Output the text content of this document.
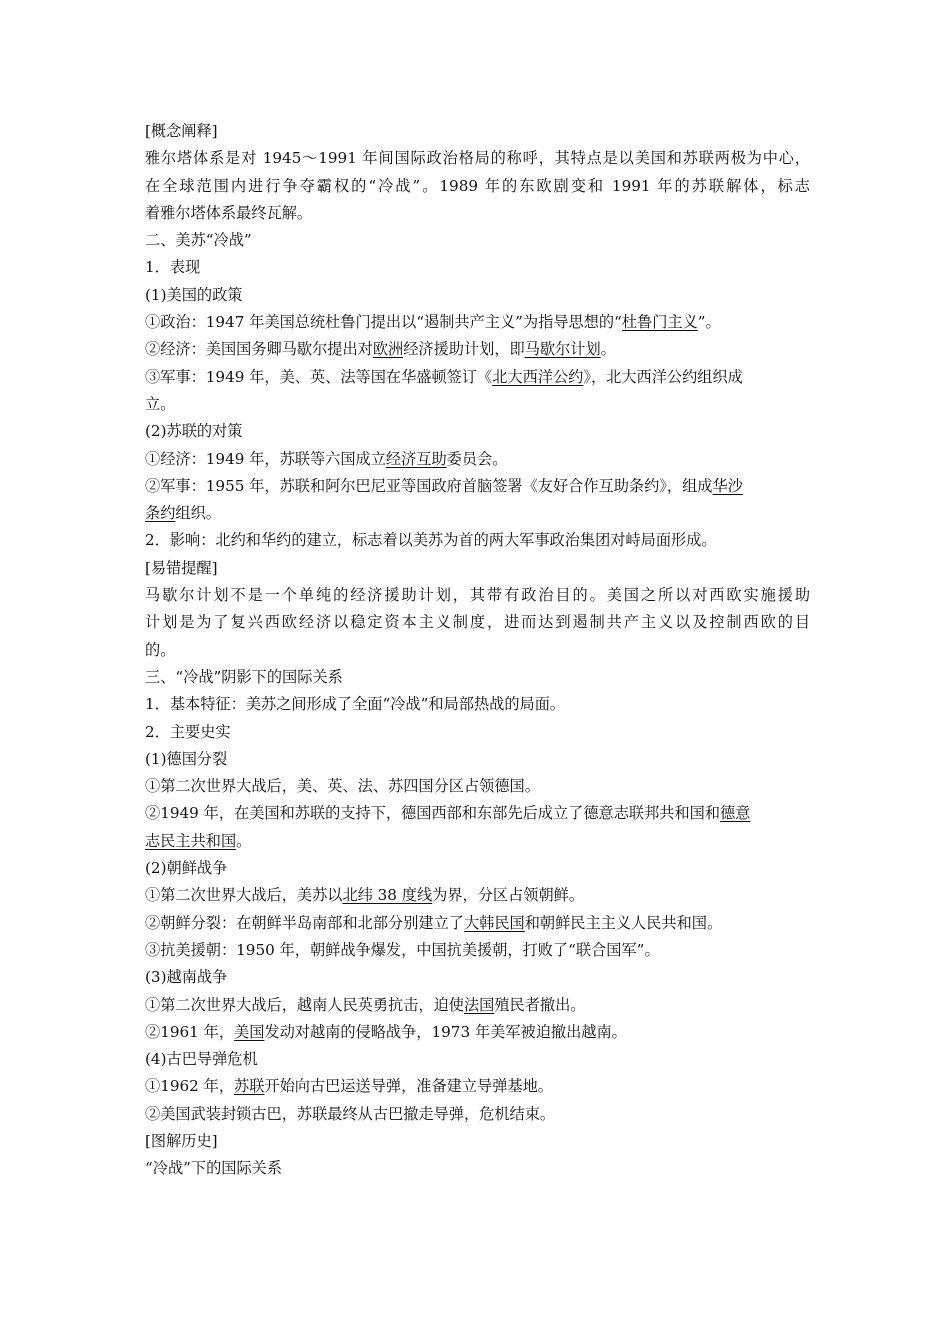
[概念阐释]
雅尔塔体系是对 1945～1991 年间国际政治格局的称呼，其特点是以美国和苏联两极为中心，
在全球范围内进行争夺霸权的“冷战”。1989 年的东欧剧变和 1991 年的苏联解体，标志
着雅尔塔体系最终瓦解。
二、美苏“冷战”
1．表现
(1)美国的政策
①政治：1947 年美国总统杜鲁门提出以“遏制共产主义”为指导思想的“杜鲁门主义”。
②经济：美国国务卿马歇尔提出对欧洲经济援助计划，即马歇尔计划。
③军事：1949 年，美、英、法等国在华盛顿签订《北大西洋公约》，北大西洋公约组织成
立。
(2)苏联的对策
①经济：1949 年，苏联等六国成立经济互助委员会。
②军事：1955 年，苏联和阿尔巴尼亚等国政府首脑签署《友好合作互助条约》，组成华沙
条约组织。
2．影响：北约和华约的建立，标志着以美苏为首的两大军事政治集团对峙局面形成。
[易错提醒]
马歇尔计划不是一个单纯的经济援助计划，其带有政治目的。美国之所以对西欧实施援助
计划是为了复兴西欧经济以稳定资本主义制度，进而达到遏制共产主义以及控制西欧的目
的。
三、“冷战”阴影下的国际关系
1．基本特征：美苏之间形成了全面“冷战”和局部热战的局面。
2．主要史实
(1)德国分裂
①第二次世界大战后，美、英、法、苏四国分区占领德国。
②1949 年，在美国和苏联的支持下，德国西部和东部先后成立了德意志联邦共和国和德意
志民主共和国。
(2)朝鲜战争
①第二次世界大战后，美苏以北纬 38 度线为界，分区占领朝鲜。
②朝鲜分裂：在朝鲜半岛南部和北部分别建立了大韩民国和朝鲜民主主义人民共和国。
③抗美援朝：1950 年，朝鲜战争爆发，中国抗美援朝，打败了“联合国军”。
(3)越南战争
①第二次世界大战后，越南人民英勇抗击，迫使法国殖民者撤出。
②1961 年，美国发动对越南的侵略战争，1973 年美军被迫撤出越南。
(4)古巴导弹危机
①1962 年，苏联开始向古巴运送导弹，准备建立导弹基地。
②美国武装封锁古巴，苏联最终从古巴撤走导弹，危机结束。
[图解历史]
“冷战”下的国际关系
